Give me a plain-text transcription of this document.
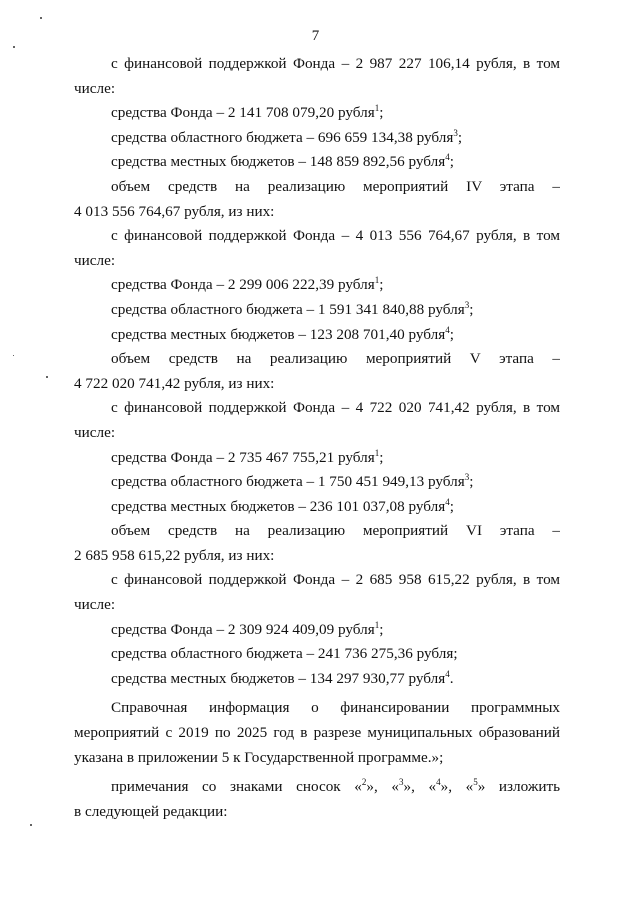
7
с финансовой поддержкой Фонда – 2 987 227 106,14 рубля, в том
числе:
средства Фонда – 2 141 708 079,20 рубля$^1$;
средства областного бюджета – 696 659 134,38 рубля$^3$;
средства местных бюджетов – 148 859 892,56 рубля$^4$;
объем средств на реализацию мероприятий IV этапа –
4 013 556 764,67 рубля, из них:
с финансовой поддержкой Фонда – 4 013 556 764,67 рубля, в том
числе:
средства Фонда – 2 299 006 222,39 рубля$^1$;
средства областного бюджета – 1 591 341 840,88 рубля$^3$;
средства местных бюджетов – 123 208 701,40 рубля$^4$;
объем средств на реализацию мероприятий V этапа –
4 722 020 741,42 рубля, из них:
с финансовой поддержкой Фонда – 4 722 020 741,42 рубля, в том
числе:
средства Фонда – 2 735 467 755,21 рубля$^1$;
средства областного бюджета – 1 750 451 949,13 рубля$^3$;
средства местных бюджетов – 236 101 037,08 рубля$^4$;
объем средств на реализацию мероприятий VI этапа –
2 685 958 615,22 рубля, из них:
с финансовой поддержкой Фонда – 2 685 958 615,22 рубля, в том
числе:
средства Фонда – 2 309 924 409,09 рубля$^1$;
средства областного бюджета – 241 736 275,36 рубля;
средства местных бюджетов – 134 297 930,77 рубля$^4$.
Справочная информация о финансировании программных
мероприятий с 2019 по 2025 год в разрезе муниципальных образований
указана в приложении 5 к Государственной программе.»;
примечания со знаками сносок «$^2$», «$^3$», «$^4$», «$^5$» изложить
в следующей редакции:
